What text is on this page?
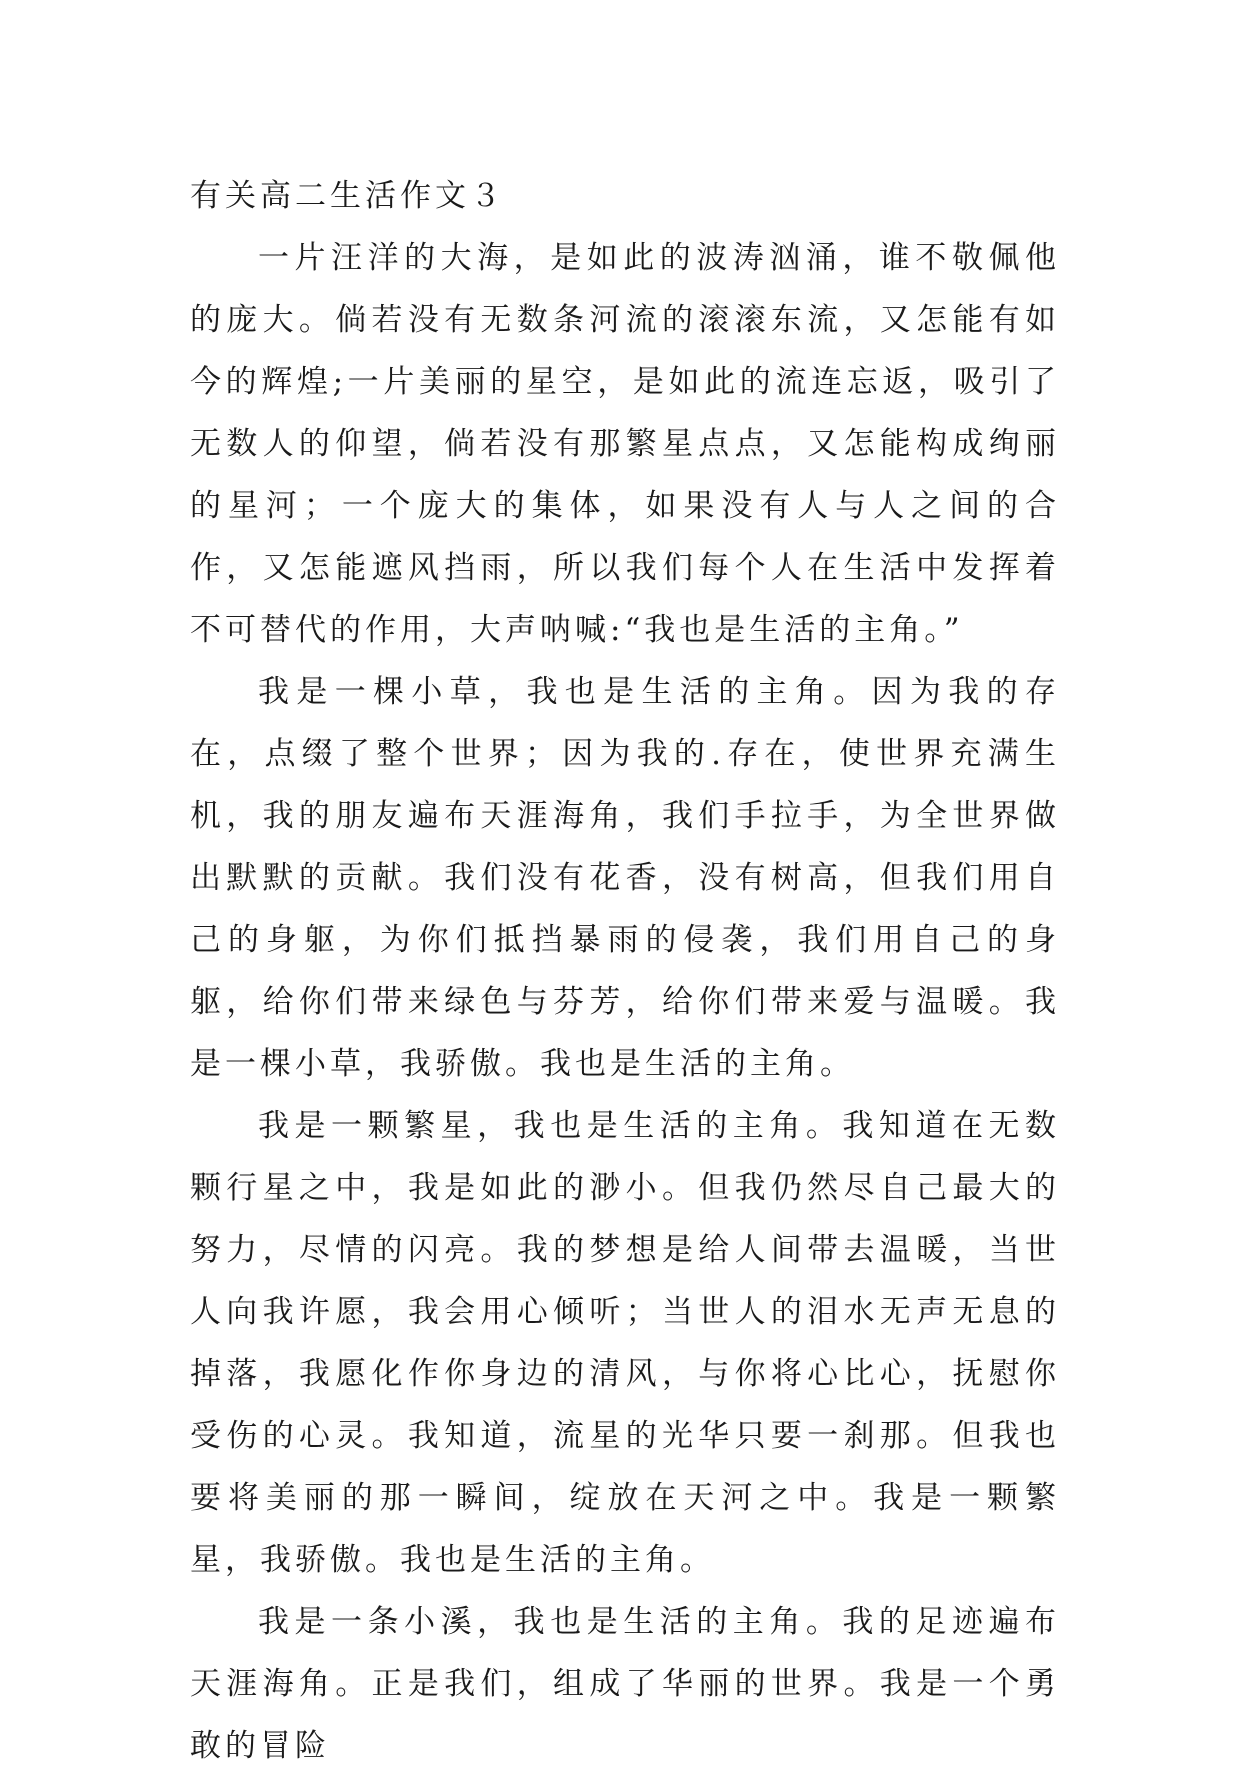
有关高二生活作文３

一片汪洋的大海，是如此的波涛汹涌，谁不敬佩他的庞大。倘若没有无数条河流的滚滚东流，又怎能有如今的辉煌;一片美丽的星空，是如此的流连忘返，吸引了无数人的仰望，倘若没有那繁星点点，又怎能构成绚丽的星河；一个庞大的集体，如果没有人与人之间的合作，又怎能遮风挡雨，所以我们每个人在生活中发挥着不可替代的作用，大声呐喊:“我也是生活的主角。”

我是一棵小草，我也是生活的主角。因为我的存在，点缀了整个世界；因为我的.存在，使世界充满生机，我的朋友遍布天涯海角，我们手拉手，为全世界做出默默的贡献。我们没有花香，没有树高，但我们用自己的身躯，为你们抵挡暴雨的侵袭，我们用自己的身躯，给你们带来绿色与芬芳，给你们带来爱与温暖。我是一棵小草，我骄傲。我也是生活的主角。

我是一颗繁星，我也是生活的主角。我知道在无数颗行星之中，我是如此的渺小。但我仍然尽自己最大的努力，尽情的闪亮。我的梦想是给人间带去温暖，当世人向我许愿，我会用心倾听；当世人的泪水无声无息的掉落，我愿化作你身边的清风，与你将心比心，抚慰你受伤的心灵。我知道，流星的光华只要一刹那。但我也要将美丽的那一瞬间，绽放在天河之中。我是一颗繁星，我骄傲。我也是生活的主角。

我是一条小溪，我也是生活的主角。我的足迹遍布天涯海角。正是我们，组成了华丽的世界。我是一个勇敢的冒险
